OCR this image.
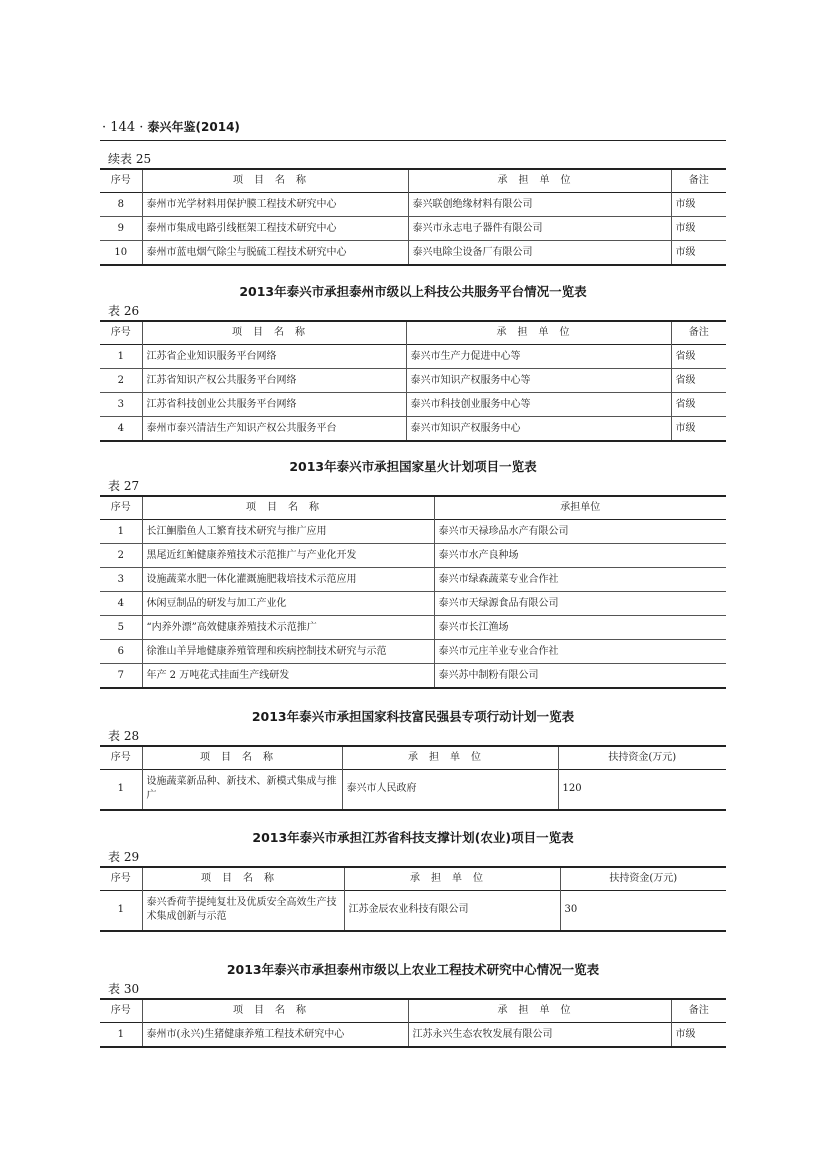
· 144 · 泰兴年鉴(2014)
续表 25
序号	项目名称	承担单位	备注
8	泰州市光学材料用保护膜工程技术研究中心	泰兴联创绝缘材料有限公司	市级
9	泰州市集成电路引线框架工程技术研究中心	泰兴市永志电子器件有限公司	市级
10	泰州市蓝电烟气除尘与脱硫工程技术研究中心	泰兴电除尘设备厂有限公司	市级
2013年泰兴市承担泰州市级以上科技公共服务平台情况一览表
表 26
序号	项目名称	承担单位	备注
1	江苏省企业知识服务平台网络	泰兴市生产力促进中心等	省级
2	江苏省知识产权公共服务平台网络	泰兴市知识产权服务中心等	省级
3	江苏省科技创业公共服务平台网络	泰兴市科技创业服务中心等	省级
4	泰州市泰兴清洁生产知识产权公共服务平台	泰兴市知识产权服务中心	市级
2013年泰兴市承担国家星火计划项目一览表
表 27
序号	项目名称	承担单位
1	长江鮰脂鱼人工繁育技术研究与推广应用	泰兴市天禄珍品水产有限公司
2	黑尾近红鲌健康养殖技术示范推广与产业化开发	泰兴市水产良种场
3	设施蔬菜水肥一体化灌溉施肥栽培技术示范应用	泰兴市绿森蔬菜专业合作社
4	休闲豆制品的研发与加工产业化	泰兴市天绿源食品有限公司
5	“内养外漂”高效健康养殖技术示范推广	泰兴市长江渔场
6	徐淮山羊异地健康养殖管理和疾病控制技术研究与示范	泰兴市元庄羊业专业合作社
7	年产 2 万吨花式挂面生产线研发	泰兴苏中制粉有限公司
2013年泰兴市承担国家科技富民强县专项行动计划一览表
表 28
序号	项目名称	承担单位	扶持资金(万元)
1	设施蔬菜新品种、新技术、新模式集成与推广	泰兴市人民政府	120
2013年泰兴市承担江苏省科技支撑计划(农业)项目一览表
表 29
序号	项目名称	承担单位	扶持资金(万元)
1	泰兴香荷芋提纯复壮及优质安全高效生产技术集成创新与示范	江苏金辰农业科技有限公司	30
2013年泰兴市承担泰州市级以上农业工程技术研究中心情况一览表
表 30
序号	项目名称	承担单位	备注
1	泰州市(永兴)生猪健康养殖工程技术研究中心	江苏永兴生态农牧发展有限公司	市级
